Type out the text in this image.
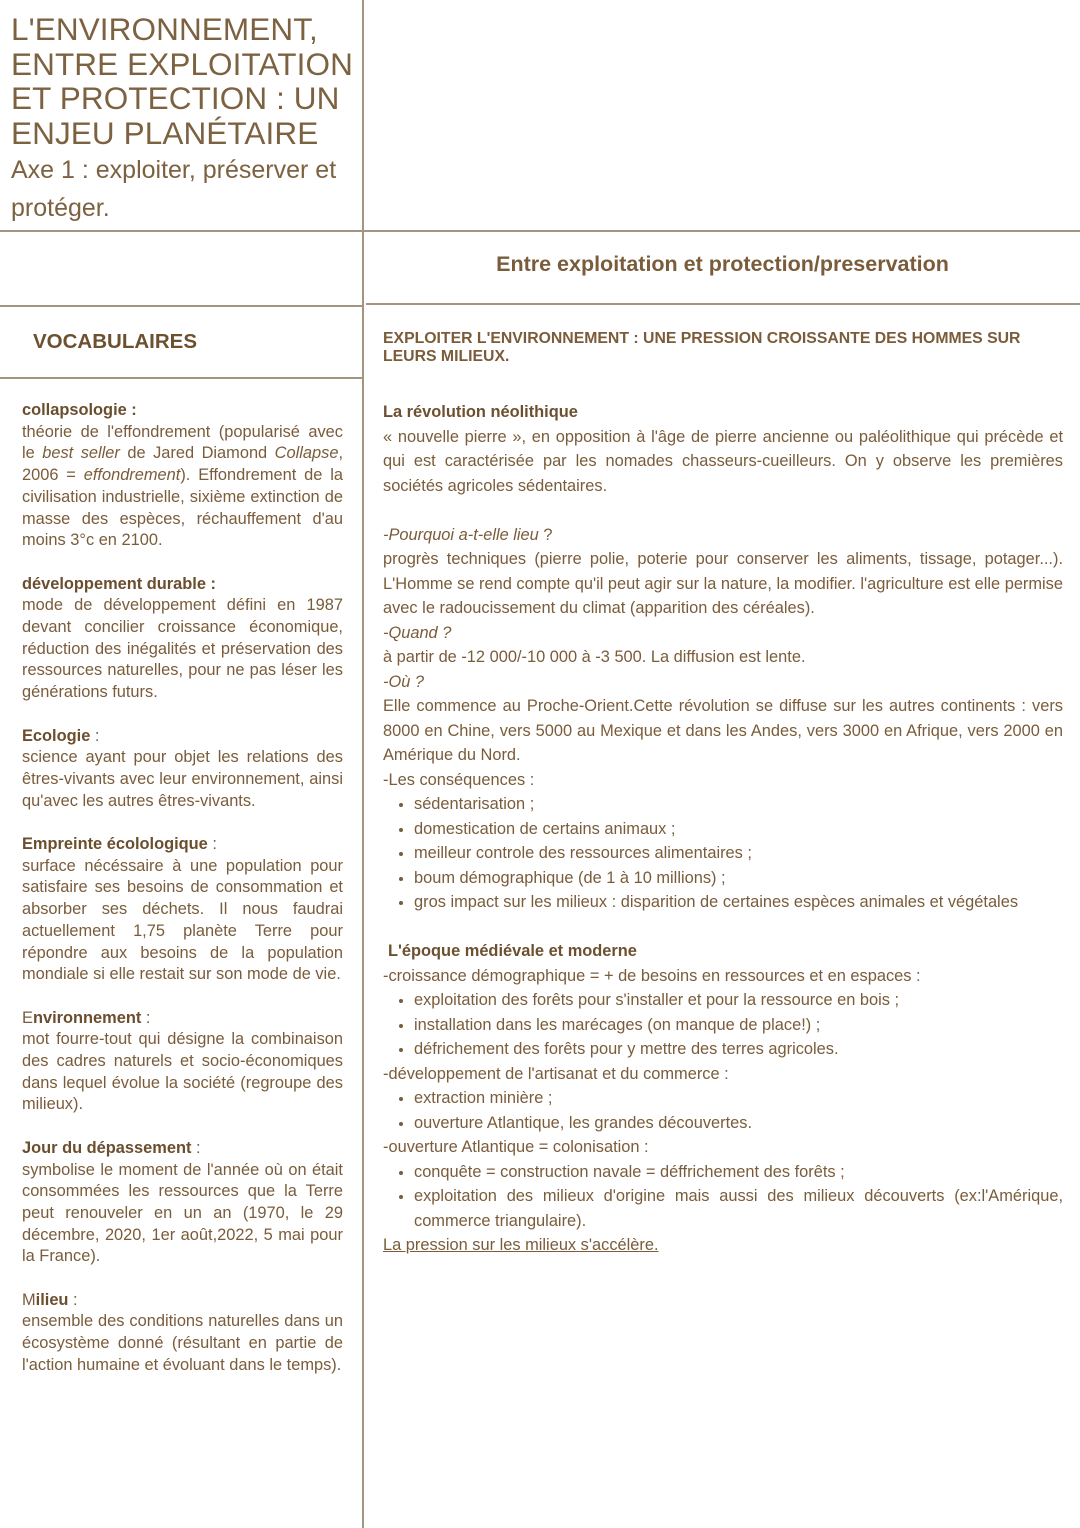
L'ENVIRONNEMENT,
ENTRE EXPLOITATION
ET PROTECTION : UN
ENJEU PLANÉTAIRE
Axe 1 : exploiter, préserver et protéger.
Entre exploitation et protection/preservation
VOCABULAIRES	EXPLOITER L'ENVIRONNEMENT : UNE PRESSION CROISSANTE DES HOMMES SUR LEURS MILIEUX.
collapsologie :
théorie de l'effondrement (popularisé avec le best seller de Jared Diamond Collapse, 2006 = effondrement). Effondrement de la civilisation industrielle, sixième extinction de masse des espèces, réchauffement d'au moins 3°c en 2100.
développement durable :
mode de développement défini en 1987 devant concilier croissance économique, réduction des inégalités et préservation des ressources naturelles, pour ne pas léser les générations futurs.
Ecologie :
science ayant pour objet les relations des êtres-vivants avec leur environnement, ainsi qu'avec les autres êtres-vivants.
Empreinte écolologique :
surface nécéssaire à une population pour satisfaire ses besoins de consommation et absorber ses déchets. Il nous faudrai actuellement 1,75 planète Terre pour répondre aux besoins de la population mondiale si elle restait sur son mode de vie.
Environnement :
mot fourre-tout qui désigne la combinaison des cadres naturels et socio-économiques dans lequel évolue la société (regroupe des milieux).
Jour du dépassement :
symbolise le moment de l'année où on était consommées les ressources que la Terre peut renouveler en un an (1970, le 29 décembre, 2020, 1er août,2022, 5 mai pour la France).
Milieu :
ensemble des conditions naturelles dans un écosystème donné (résultant en partie de l'action humaine et évoluant dans le temps).
La révolution néolithique
« nouvelle pierre », en opposition à l'âge de pierre ancienne ou paléolithique qui précède et qui est caractérisée par les nomades chasseurs-cueilleurs. On y observe les premières sociétés agricoles sédentaires.
-Pourquoi a-t-elle lieu ?
progrès techniques (pierre polie, poterie pour conserver les aliments, tissage, potager...). L'Homme se rend compte qu'il peut agir sur la nature, la modifier. l'agriculture est elle permise avec le radoucissement du climat (apparition des céréales).
-Quand ?
à partir de -12 000/-10 000 à -3 500. La diffusion est lente.
-Où ?
Elle commence au Proche-Orient.Cette révolution se diffuse sur les autres continents : vers 8000 en Chine, vers 5000 au Mexique et dans les Andes, vers 3000 en Afrique, vers 2000 en Amérique du Nord.
-Les conséquences :
• sédentarisation ;
• domestication de certains animaux ;
• meilleur controle des ressources alimentaires ;
• boum démographique (de 1 à 10 millions) ;
• gros impact sur les milieux : disparition de certaines espèces animales et végétales
L'époque médiévale et moderne
-croissance démographique = + de besoins en ressources et en espaces :
• exploitation des forêts pour s'installer et pour la ressource en bois ;
• installation dans les marécages (on manque de place!) ;
• défrichement des forêts pour y mettre des terres agricoles.
-développement de l'artisanat et du commerce :
• extraction minière ;
• ouverture Atlantique, les grandes découvertes.
-ouverture Atlantique = colonisation :
• conquête = construction navale = déffrichement des forêts ;
• exploitation des milieux d'origine mais aussi des milieux découverts (ex:l'Amérique, commerce triangulaire).
La pression sur les milieux s'accélère.
